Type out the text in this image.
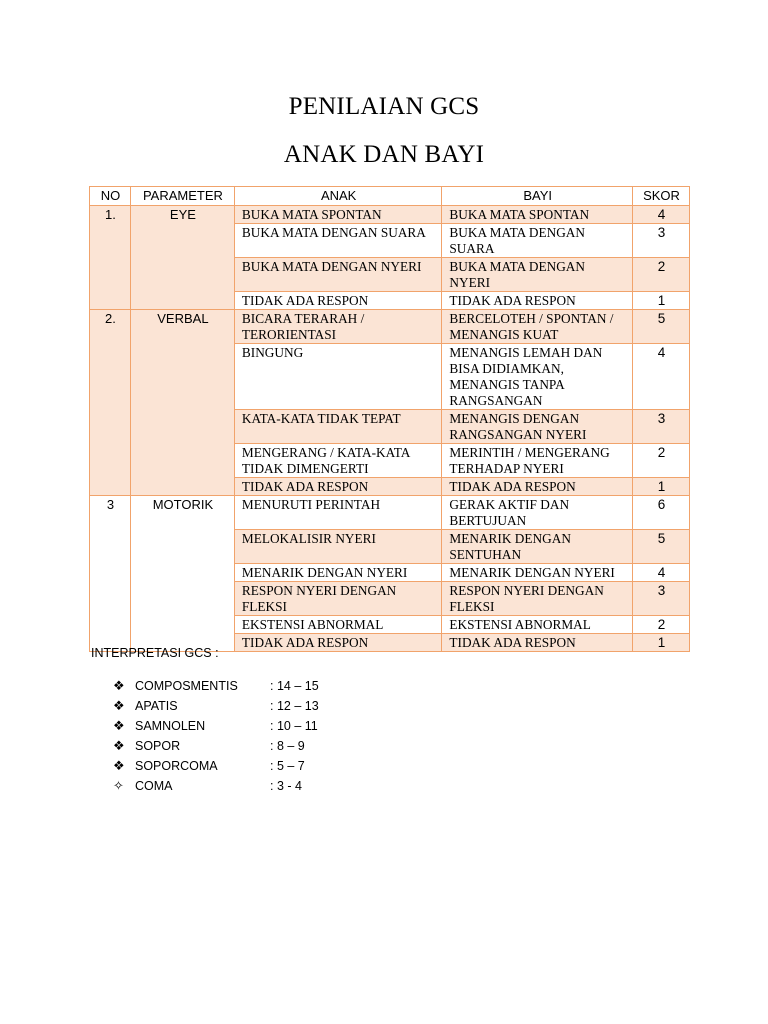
PENILAIAN GCS
ANAK DAN BAYI
NO	PARAMETER	ANAK	BAYI	SKOR
1.	EYE	BUKA MATA SPONTAN	BUKA MATA SPONTAN	4
		BUKA MATA DENGAN SUARA	BUKA MATA DENGAN SUARA	3
		BUKA MATA DENGAN NYERI	BUKA MATA DENGAN NYERI	2
		TIDAK ADA RESPON	TIDAK ADA RESPON	1
2.	VERBAL	BICARA TERARAH / TERORIENTASI	BERCELOTEH / SPONTAN / MENANGIS KUAT	5
		BINGUNG	MENANGIS LEMAH DAN BISA DIDIAMKAN, MENANGIS TANPA RANGSANGAN	4
		KATA-KATA TIDAK TEPAT	MENANGIS DENGAN RANGSANGAN NYERI	3
		MENGERANG / KATA-KATA TIDAK DIMENGERTI	MERINTIH / MENGERANG TERHADAP NYERI	2
		TIDAK ADA RESPON	TIDAK ADA RESPON	1
3	MOTORIK	MENURUTI PERINTAH	GERAK AKTIF DAN BERTUJUAN	6
		MELOKALISIR NYERI	MENARIK DENGAN SENTUHAN	5
		MENARIK DENGAN NYERI	MENARIK DENGAN NYERI	4
		RESPON NYERI DENGAN FLEKSI	RESPON NYERI DENGAN FLEKSI	3
		EKSTENSI ABNORMAL	EKSTENSI ABNORMAL	2
		TIDAK ADA RESPON	TIDAK ADA RESPON	1
INTERPRETASI GCS :
❖ COMPOSMENTIS	: 14 – 15
❖ APATIS	: 12 – 13
❖ SAMNOLEN	: 10 – 11
❖ SOPOR	: 8 – 9
❖ SOPORCOMA	: 5 – 7
✧ COMA	: 3 - 4
